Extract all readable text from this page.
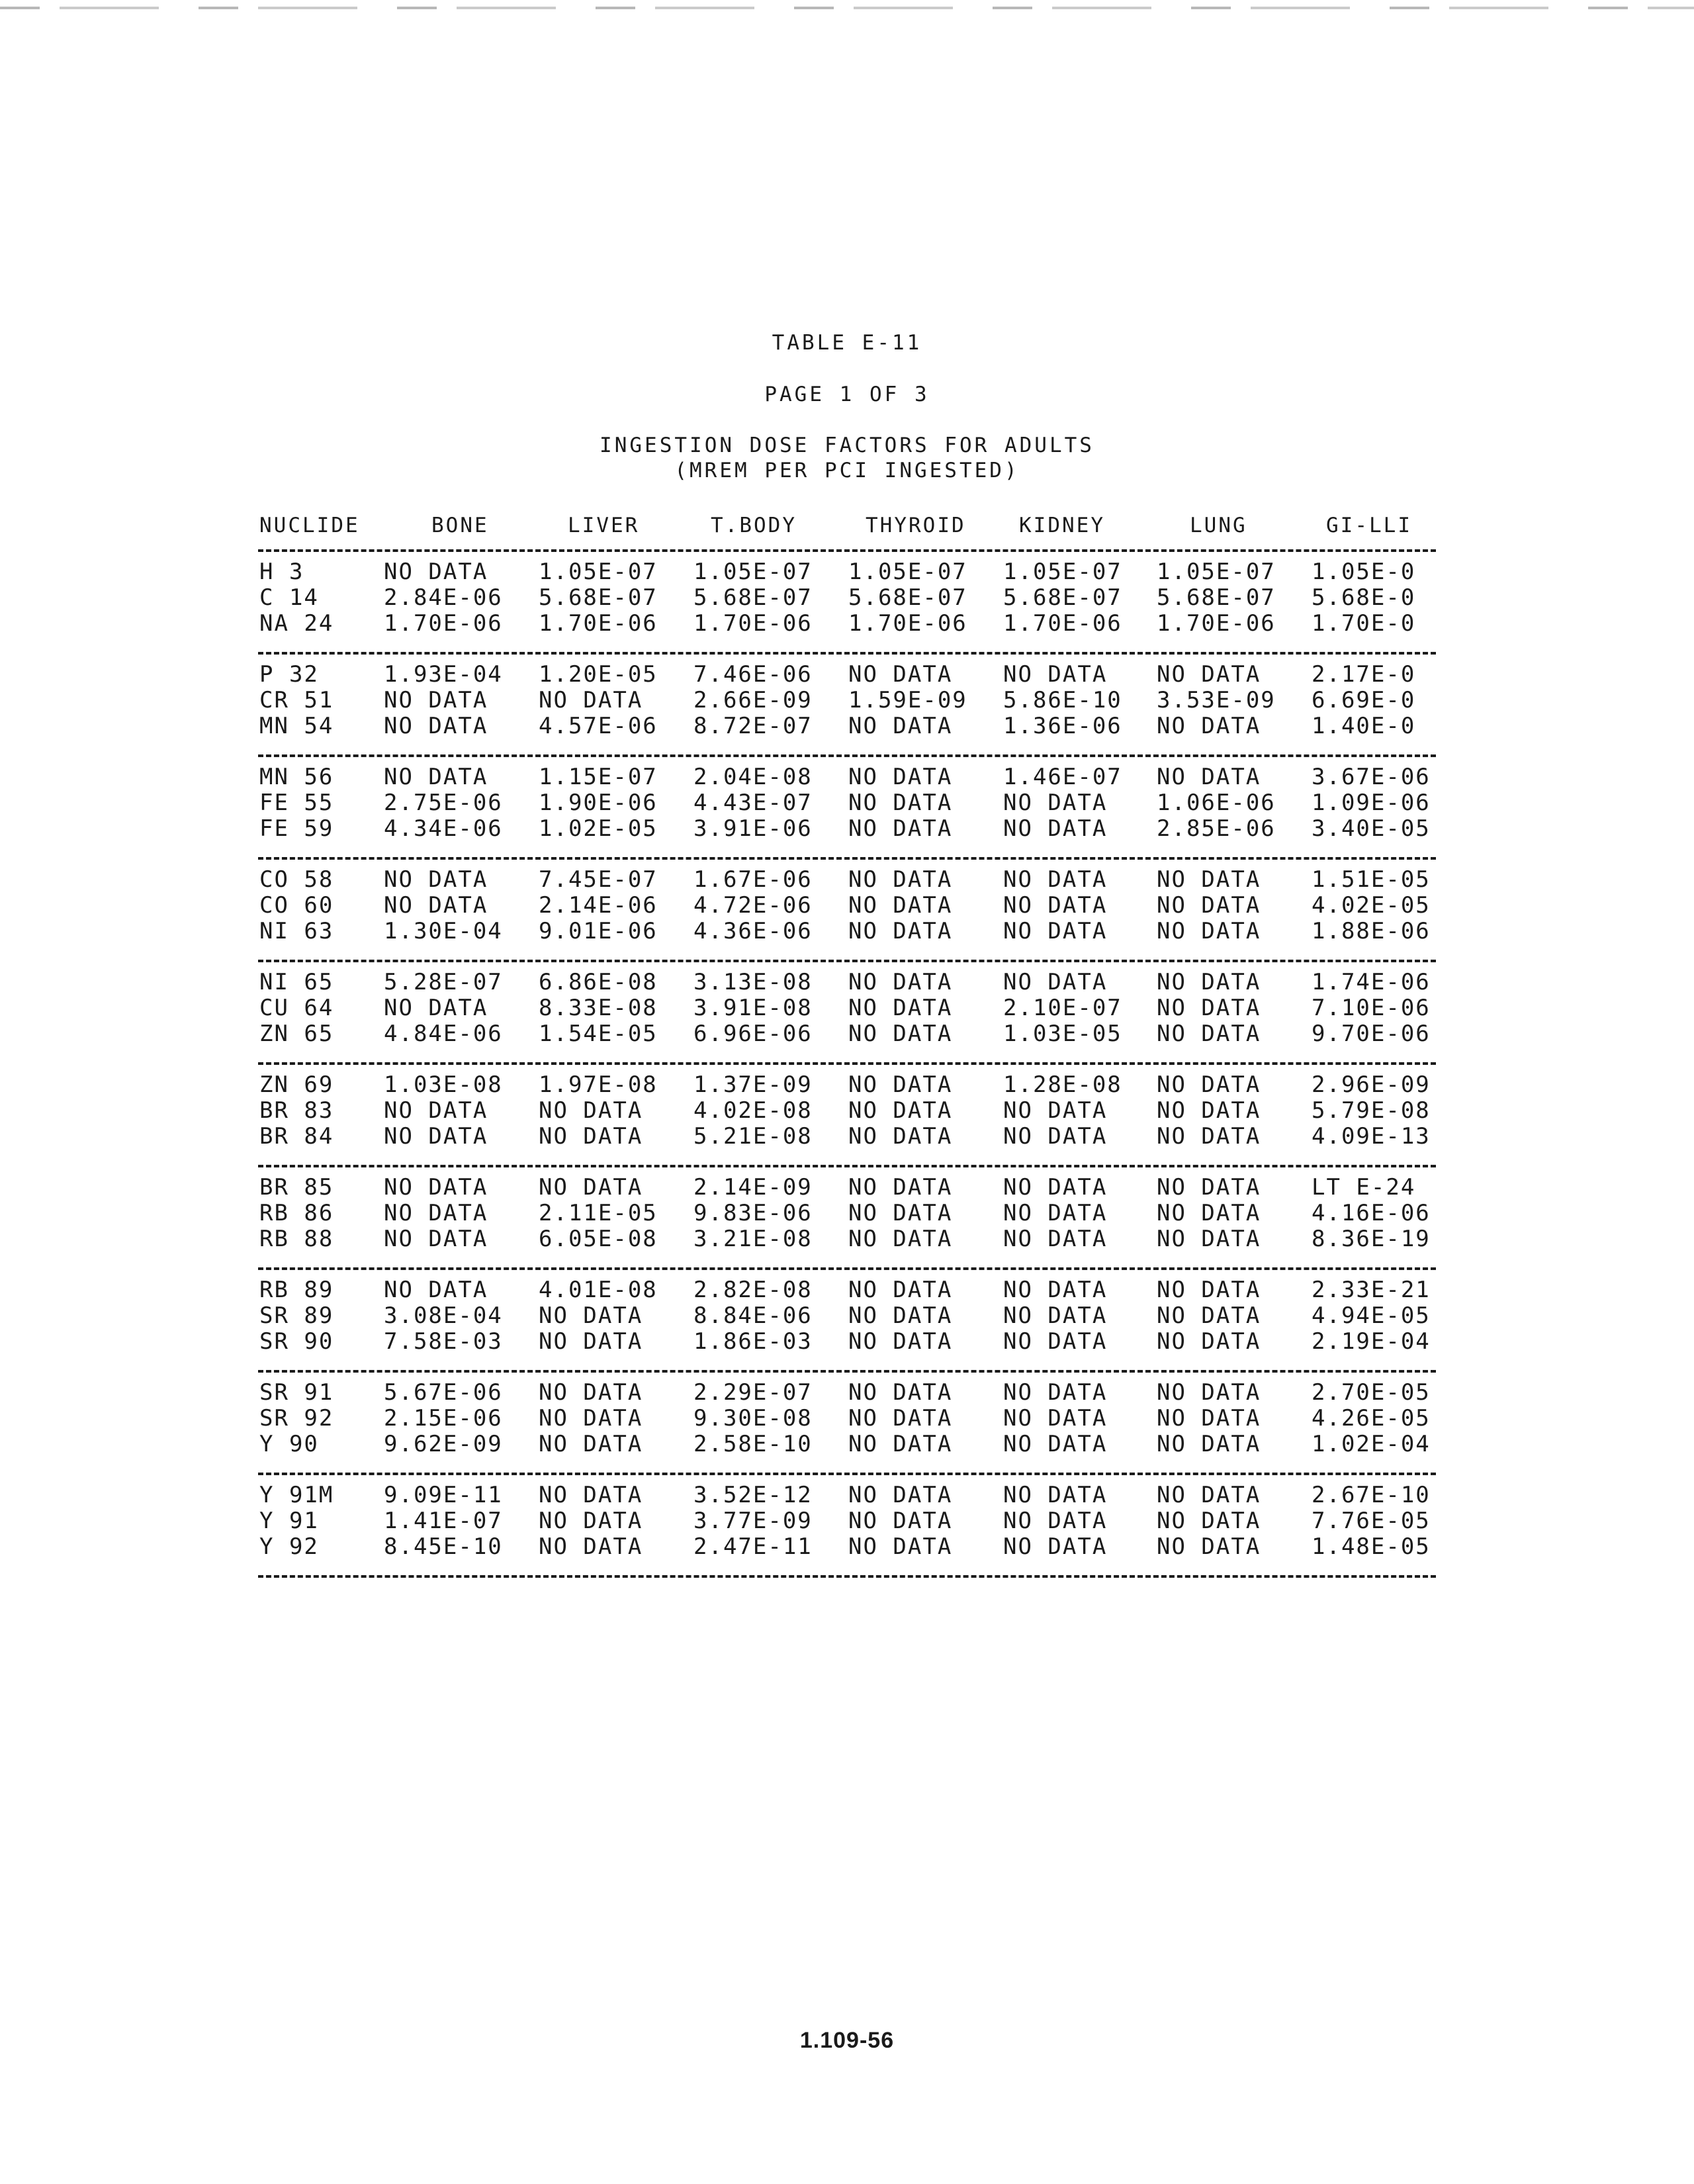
TABLE E-11
PAGE 1 OF 3
INGESTION DOSE FACTORS FOR ADULTS
(MREM PER PCI INGESTED)
NUCLIDE	BONE	LIVER	T.BODY	THYROID	KIDNEY	LUNG	GI-LLI
H 3	NO DATA 1.05E-07 1.05E-07 1.05E-07 1.05E-07 1.05E-07 1.05E-0
C 14	2.84E-06 5.68E-07 5.68E-07 5.68E-07 5.68E-07 5.68E-07 5.68E-0
NA 24 1.70E-06 1.70E-06 1.70E-06 1.70E-06 1.70E-06 1.70E-06 1.70E-0
P 32	1.93E-04 1.20E-05 7.46E-06 NO DATA NO DATA NO DATA 2.17E-0
CR 51 NO DATA NO DATA 2.66E-09 1.59E-09 5.86E-10 3.53E-09 6.69E-0
MN 54 NO DATA 4.57E-06 8.72E-07 NO DATA 1.36E-06 NO DATA 1.40E-0
MN 56 NO DATA 1.15E-07 2.04E-08 NO DATA 1.46E-07 NO DATA 3.67E-06
FE 55 2.75E-06 1.90E-06 4.43E-07 NO DATA NO DATA 1.06E-06 1.09E-06
FE 59 4.34E-06 1.02E-05 3.91E-06 NO DATA NO DATA 2.85E-06 3.40E-05
CO 58 NO DATA 7.45E-07 1.67E-06 NO DATA NO DATA NO DATA 1.51E-05
CO 60 NO DATA 2.14E-06 4.72E-06 NO DATA NO DATA NO DATA 4.02E-05
NI 63 1.30E-04 9.01E-06 4.36E-06 NO DATA NO DATA NO DATA 1.88E-06
NI 65 5.28E-07 6.86E-08 3.13E-08 NO DATA NO DATA NO DATA 1.74E-06
CU 64 NO DATA 8.33E-08 3.91E-08 NO DATA 2.10E-07 NO DATA 7.10E-06
ZN 65 4.84E-06 1.54E-05 6.96E-06 NO DATA 1.03E-05 NO DATA 9.70E-06
ZN 69 1.03E-08 1.97E-08 1.37E-09 NO DATA 1.28E-08 NO DATA 2.96E-09
BR 83 NO DATA NO DATA 4.02E-08 NO DATA NO DATA NO DATA 5.79E-08
BR 84 NO DATA NO DATA 5.21E-08 NO DATA NO DATA NO DATA 4.09E-13
BR 85 NO DATA NO DATA 2.14E-09 NO DATA NO DATA NO DATA LT E-24
RB 86 NO DATA 2.11E-05 9.83E-06 NO DATA NO DATA NO DATA 4.16E-06
RB 88 NO DATA 6.05E-08 3.21E-08 NO DATA NO DATA NO DATA 8.36E-19
RB 89 NO DATA 4.01E-08 2.82E-08 NO DATA NO DATA NO DATA 2.33E-21
SR 89 3.08E-04 NO DATA 8.84E-06 NO DATA NO DATA NO DATA 4.94E-05
SR 90 7.58E-03 NO DATA 1.86E-03 NO DATA NO DATA NO DATA 2.19E-04
SR 91 5.67E-06 NO DATA 2.29E-07 NO DATA NO DATA NO DATA 2.70E-05
SR 92 2.15E-06 NO DATA 9.30E-08 NO DATA NO DATA NO DATA 4.26E-05
Y 90	9.62E-09 NO DATA 2.58E-10 NO DATA NO DATA NO DATA 1.02E-04
Y 91M 9.09E-11 NO DATA 3.52E-12 NO DATA NO DATA NO DATA 2.67E-10
Y 91	1.41E-07 NO DATA 3.77E-09 NO DATA NO DATA NO DATA 7.76E-05
Y 92	8.45E-10 NO DATA 2.47E-11 NO DATA NO DATA NO DATA 1.48E-05
1.109-56
